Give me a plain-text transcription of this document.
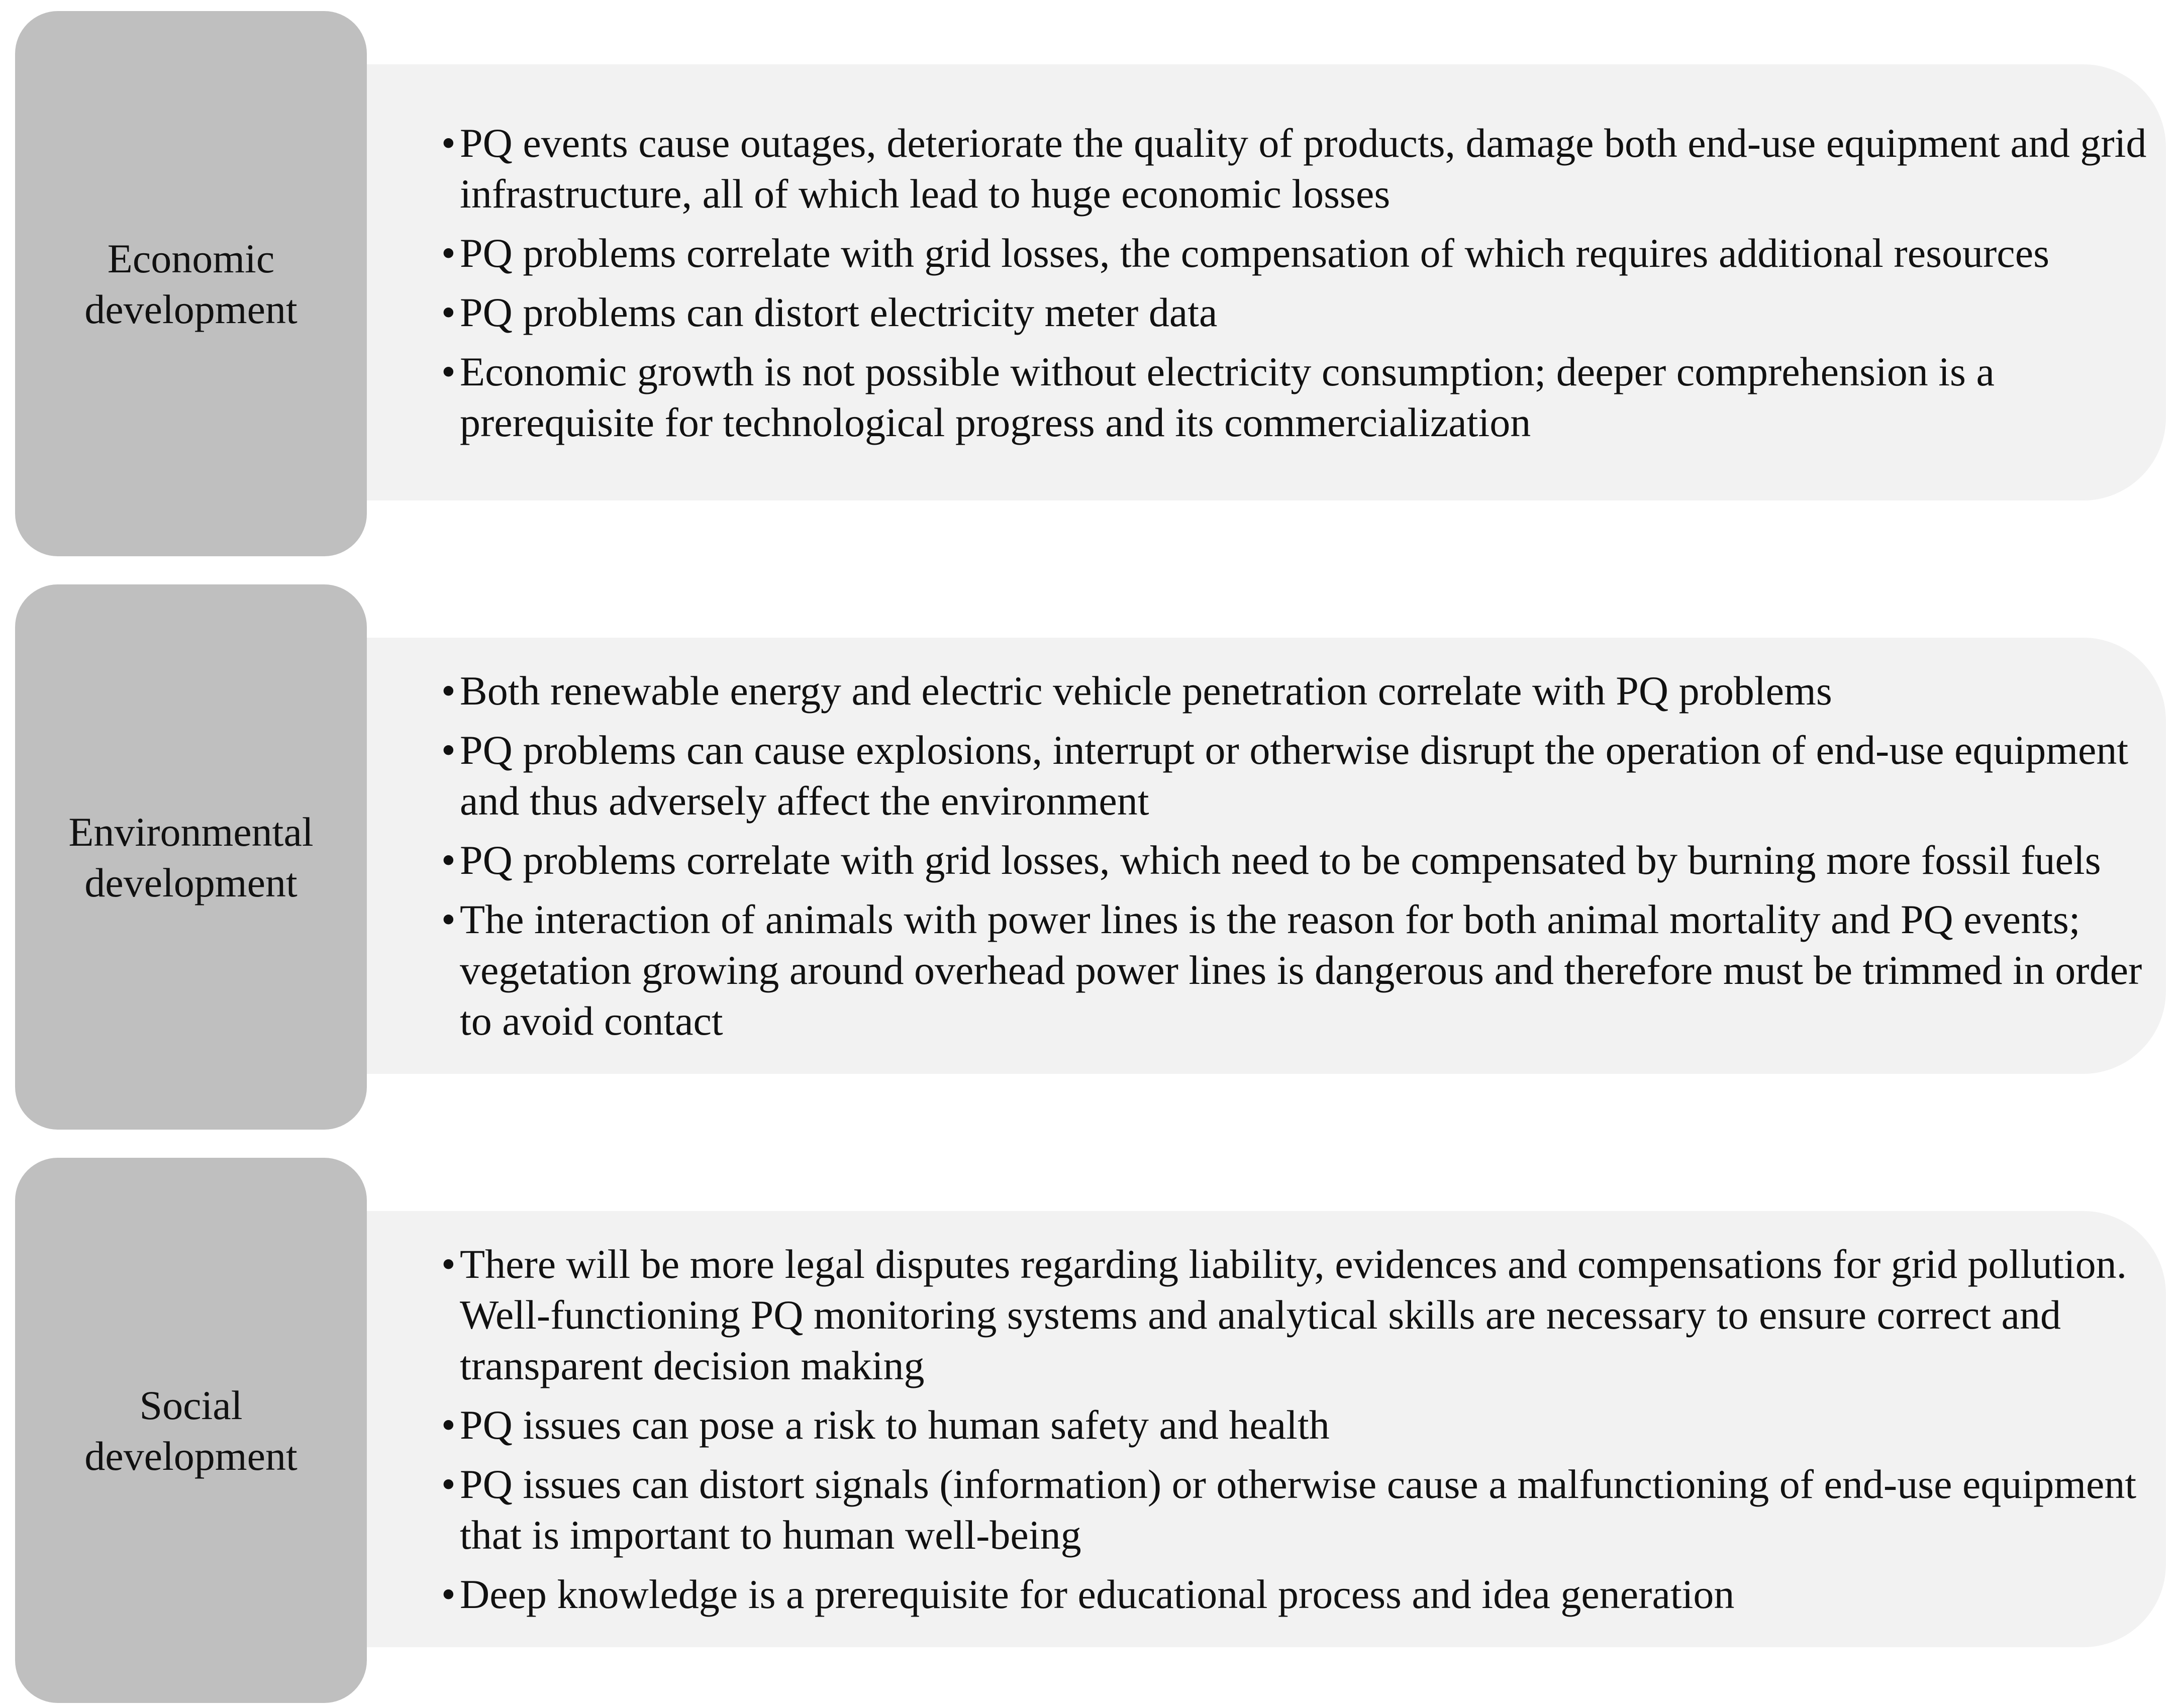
• PQ events cause outages, deteriorate the quality of products, damage both end-use equipment and grid infrastructure, all of which lead to huge economic losses
• PQ problems correlate with grid losses, the compensation of which requires additional resources
• PQ problems can distort electricity meter data
• Economic growth is not possible without electricity consumption; deeper comprehension is a prerequisite for technological progress and its commercialization
Economic development
• Both renewable energy and electric vehicle penetration correlate with PQ problems
• PQ problems can cause explosions, interrupt or otherwise disrupt the operation of end-use equipment and thus adversely affect the environment
• PQ problems correlate with grid losses, which need to be compensated by burning more fossil fuels
• The interaction of animals with power lines is the reason for both animal mortality and PQ events; vegetation growing around overhead power lines is dangerous and therefore must be trimmed in order to avoid contact
Environmental development
• There will be more legal disputes regarding liability, evidences and compensations for grid pollution. Well-functioning PQ monitoring systems and analytical skills are necessary to ensure correct and transparent decision making
• PQ issues can pose a risk to human safety and health
• PQ issues can distort signals (information) or otherwise cause a malfunctioning of end-use equipment that is important to human well-being
• Deep knowledge is a prerequisite for educational process and idea generation
Social development
